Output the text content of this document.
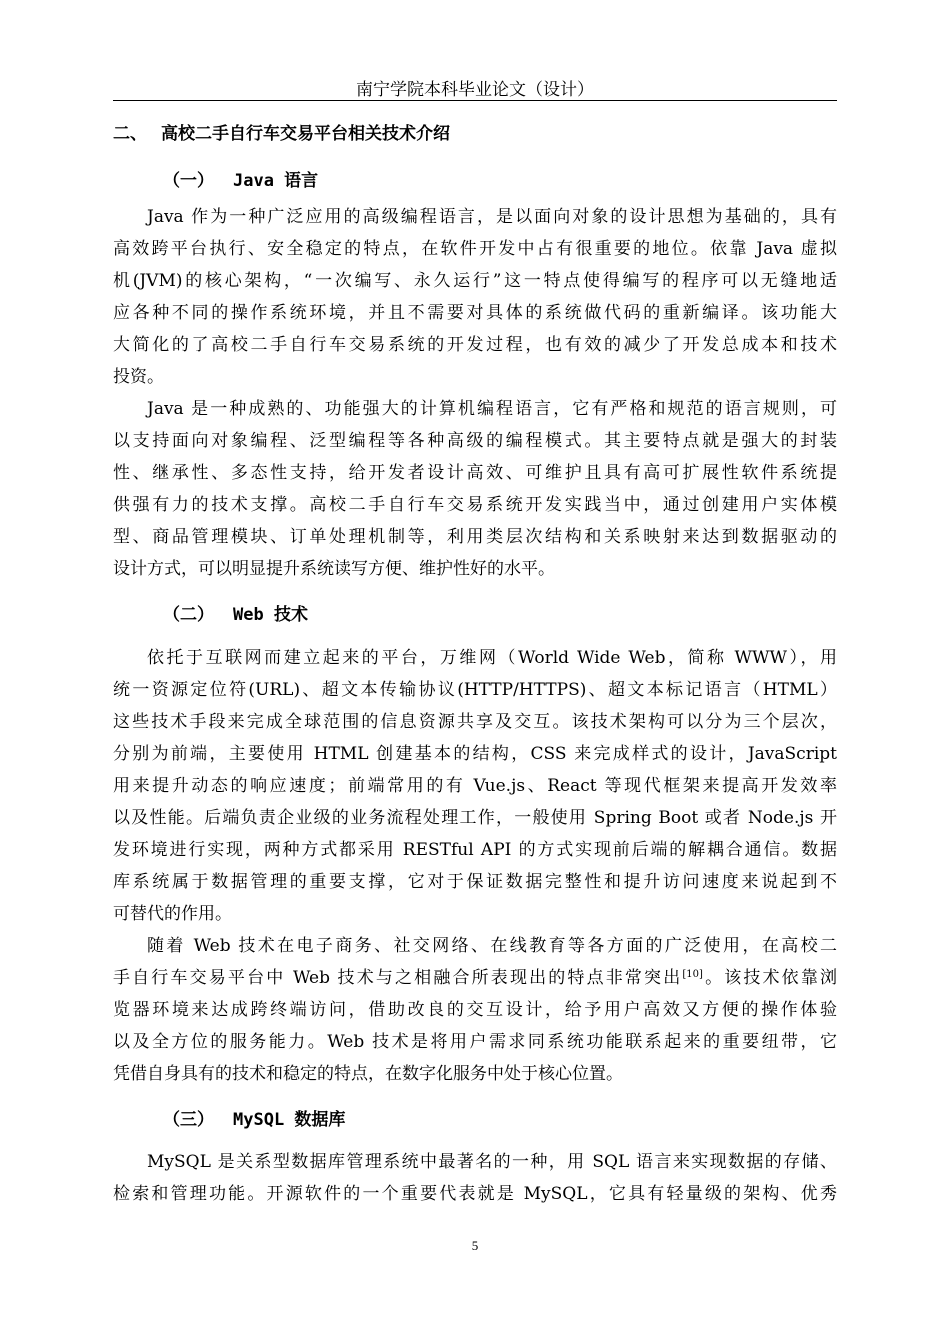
南宁学院本科毕业论文（设计）
二、 高校二手自行车交易平台相关技术介绍
（一） Java 语言
Java 作为一种广泛应用的高级编程语言，是以面向对象的设计思想为基础的，具有
高效跨平台执行、安全稳定的特点，在软件开发中占有很重要的地位。依靠 Java 虚拟
机(JVM)的核心架构，“一次编写、永久运行”这一特点使得编写的程序可以无缝地适
应各种不同的操作系统环境，并且不需要对具体的系统做代码的重新编译。该功能大
大简化的了高校二手自行车交易系统的开发过程，也有效的减少了开发总成本和技术
投资。
Java 是一种成熟的、功能强大的计算机编程语言，它有严格和规范的语言规则，可
以支持面向对象编程、泛型编程等各种高级的编程模式。其主要特点就是强大的封装
性、继承性、多态性支持，给开发者设计高效、可维护且具有高可扩展性软件系统提
供强有力的技术支撑。高校二手自行车交易系统开发实践当中，通过创建用户实体模
型、商品管理模块、订单处理机制等，利用类层次结构和关系映射来达到数据驱动的
设计方式，可以明显提升系统读写方便、维护性好的水平。
（二） Web 技术
依托于互联网而建立起来的平台，万维网（World Wide Web，简称 WWW），用
统一资源定位符(URL)、超文本传输协议(HTTP/HTTPS)、超文本标记语言（HTML）
这些技术手段来完成全球范围的信息资源共享及交互。该技术架构可以分为三个层次，
分别为前端，主要使用 HTML 创建基本的结构，CSS 来完成样式的设计，JavaScript
用来提升动态的响应速度；前端常用的有 Vue.js、React 等现代框架来提高开发效率
以及性能。后端负责企业级的业务流程处理工作，一般使用 Spring Boot 或者 Node.js 开
发环境进行实现，两种方式都采用 RESTful API 的方式实现前后端的解耦合通信。数据
库系统属于数据管理的重要支撑，它对于保证数据完整性和提升访问速度来说起到不
可替代的作用。
随着 Web 技术在电子商务、社交网络、在线教育等各方面的广泛使用，在高校二
手自行车交易平台中 Web 技术与之相融合所表现出的特点非常突出[10]。该技术依靠浏
览器环境来达成跨终端访问，借助改良的交互设计，给予用户高效又方便的操作体验
以及全方位的服务能力。Web 技术是将用户需求同系统功能联系起来的重要纽带，它
凭借自身具有的技术和稳定的特点，在数字化服务中处于核心位置。
（三） MySQL 数据库
MySQL 是关系型数据库管理系统中最著名的一种，用 SQL 语言来实现数据的存储、
检索和管理功能。开源软件的一个重要代表就是 MySQL，它具有轻量级的架构、优秀
5
